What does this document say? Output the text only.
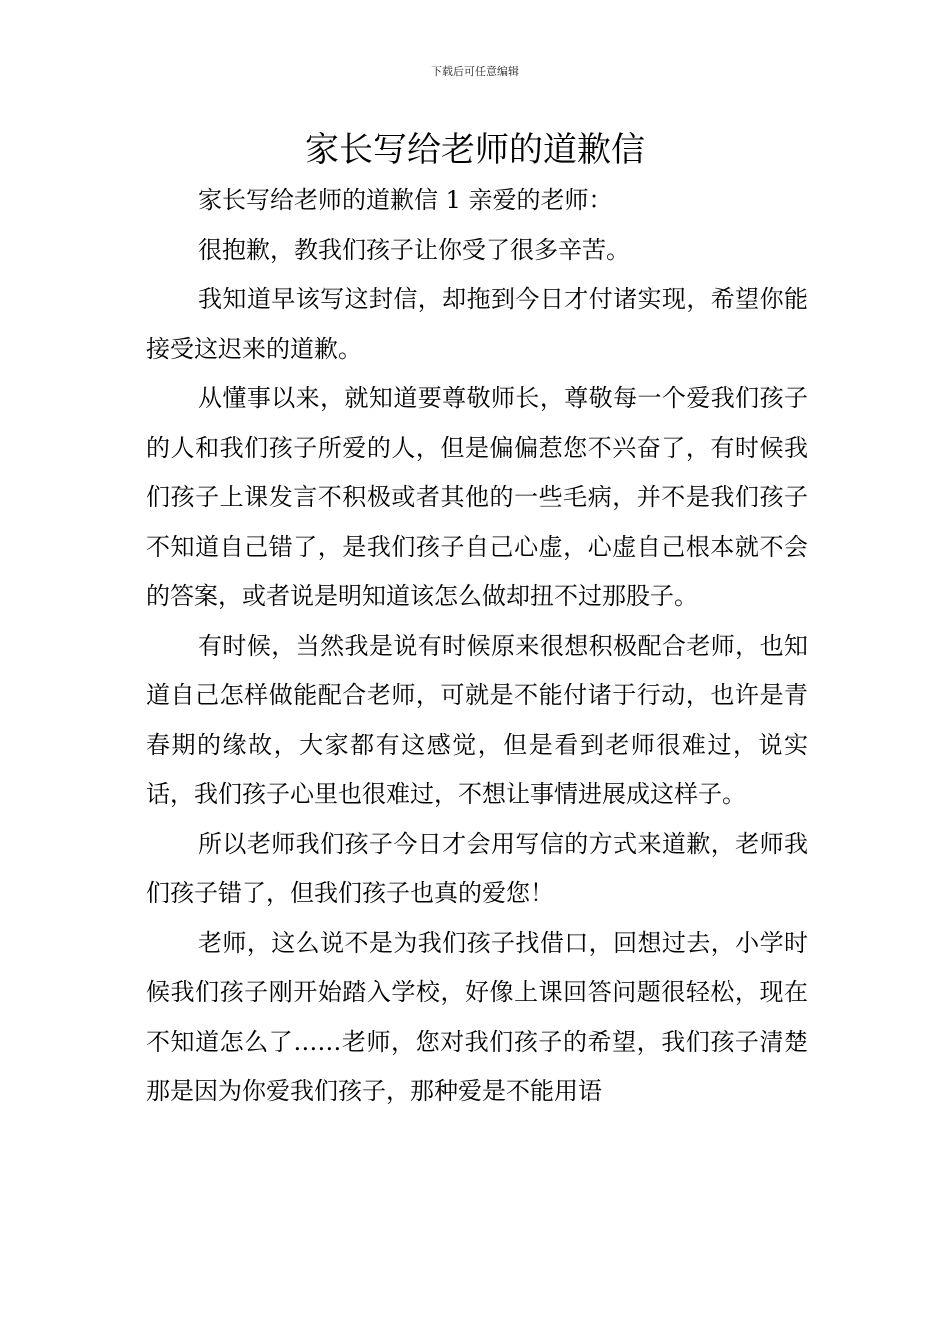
下载后可任意编辑
家长写给老师的道歉信

家长写给老师的道歉信 1 亲爱的老师：

很抱歉，教我们孩子让你受了很多辛苦。

我知道早该写这封信，却拖到今日才付诸实现，希望你能接受这迟来的道歉。

从懂事以来，就知道要尊敬师长，尊敬每一个爱我们孩子的人和我们孩子所爱的人，但是偏偏惹您不兴奋了，有时候我们孩子上课发言不积极或者其他的一些毛病，并不是我们孩子不知道自己错了，是我们孩子自己心虚，心虚自己根本就不会的答案，或者说是明知道该怎么做却扭不过那股子。

有时候，当然我是说有时候原来很想积极配合老师，也知道自己怎样做能配合老师，可就是不能付诸于行动，也许是青春期的缘故，大家都有这感觉，但是看到老师很难过，说实话，我们孩子心里也很难过，不想让事情进展成这样子。

所以老师我们孩子今日才会用写信的方式来道歉，老师我们孩子错了，但我们孩子也真的爱您！

老师，这么说不是为我们孩子找借口，回想过去，小学时候我们孩子刚开始踏入学校，好像上课回答问题很轻松，现在不知道怎么了……老师，您对我们孩子的希望，我们孩子清楚那是因为你爱我们孩子，那种爱是不能用语
